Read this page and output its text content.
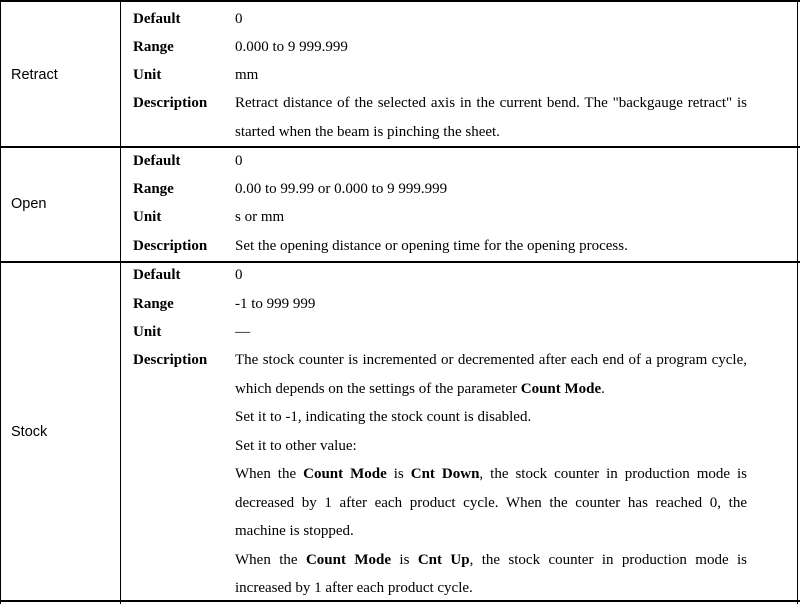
Retract
Default	0
Range	0.000 to 9 999.999
Unit	mm
Description Retract distance of the selected axis in the current bend. The "backgauge retract" is started when the beam is pinching the sheet.
Open
Default	0
Range	0.00 to 99.99 or 0.000 to 9 999.999
Unit	s or mm
Description Set the opening distance or opening time for the opening process.
Stock
Default	0
Range	-1 to 999 999
Unit	—
Description The stock counter is incremented or decremented after each end of a program cycle, which depends on the settings of the parameter Count Mode.

Set it to -1, indicating the stock count is disabled.

Set it to other value:

When the Count Mode is Cnt Down, the stock counter in production mode is decreased by 1 after each product cycle. When the counter has reached 0, the machine is stopped.

When the Count Mode is Cnt Up, the stock counter in production mode is increased by 1 after each product cycle.
